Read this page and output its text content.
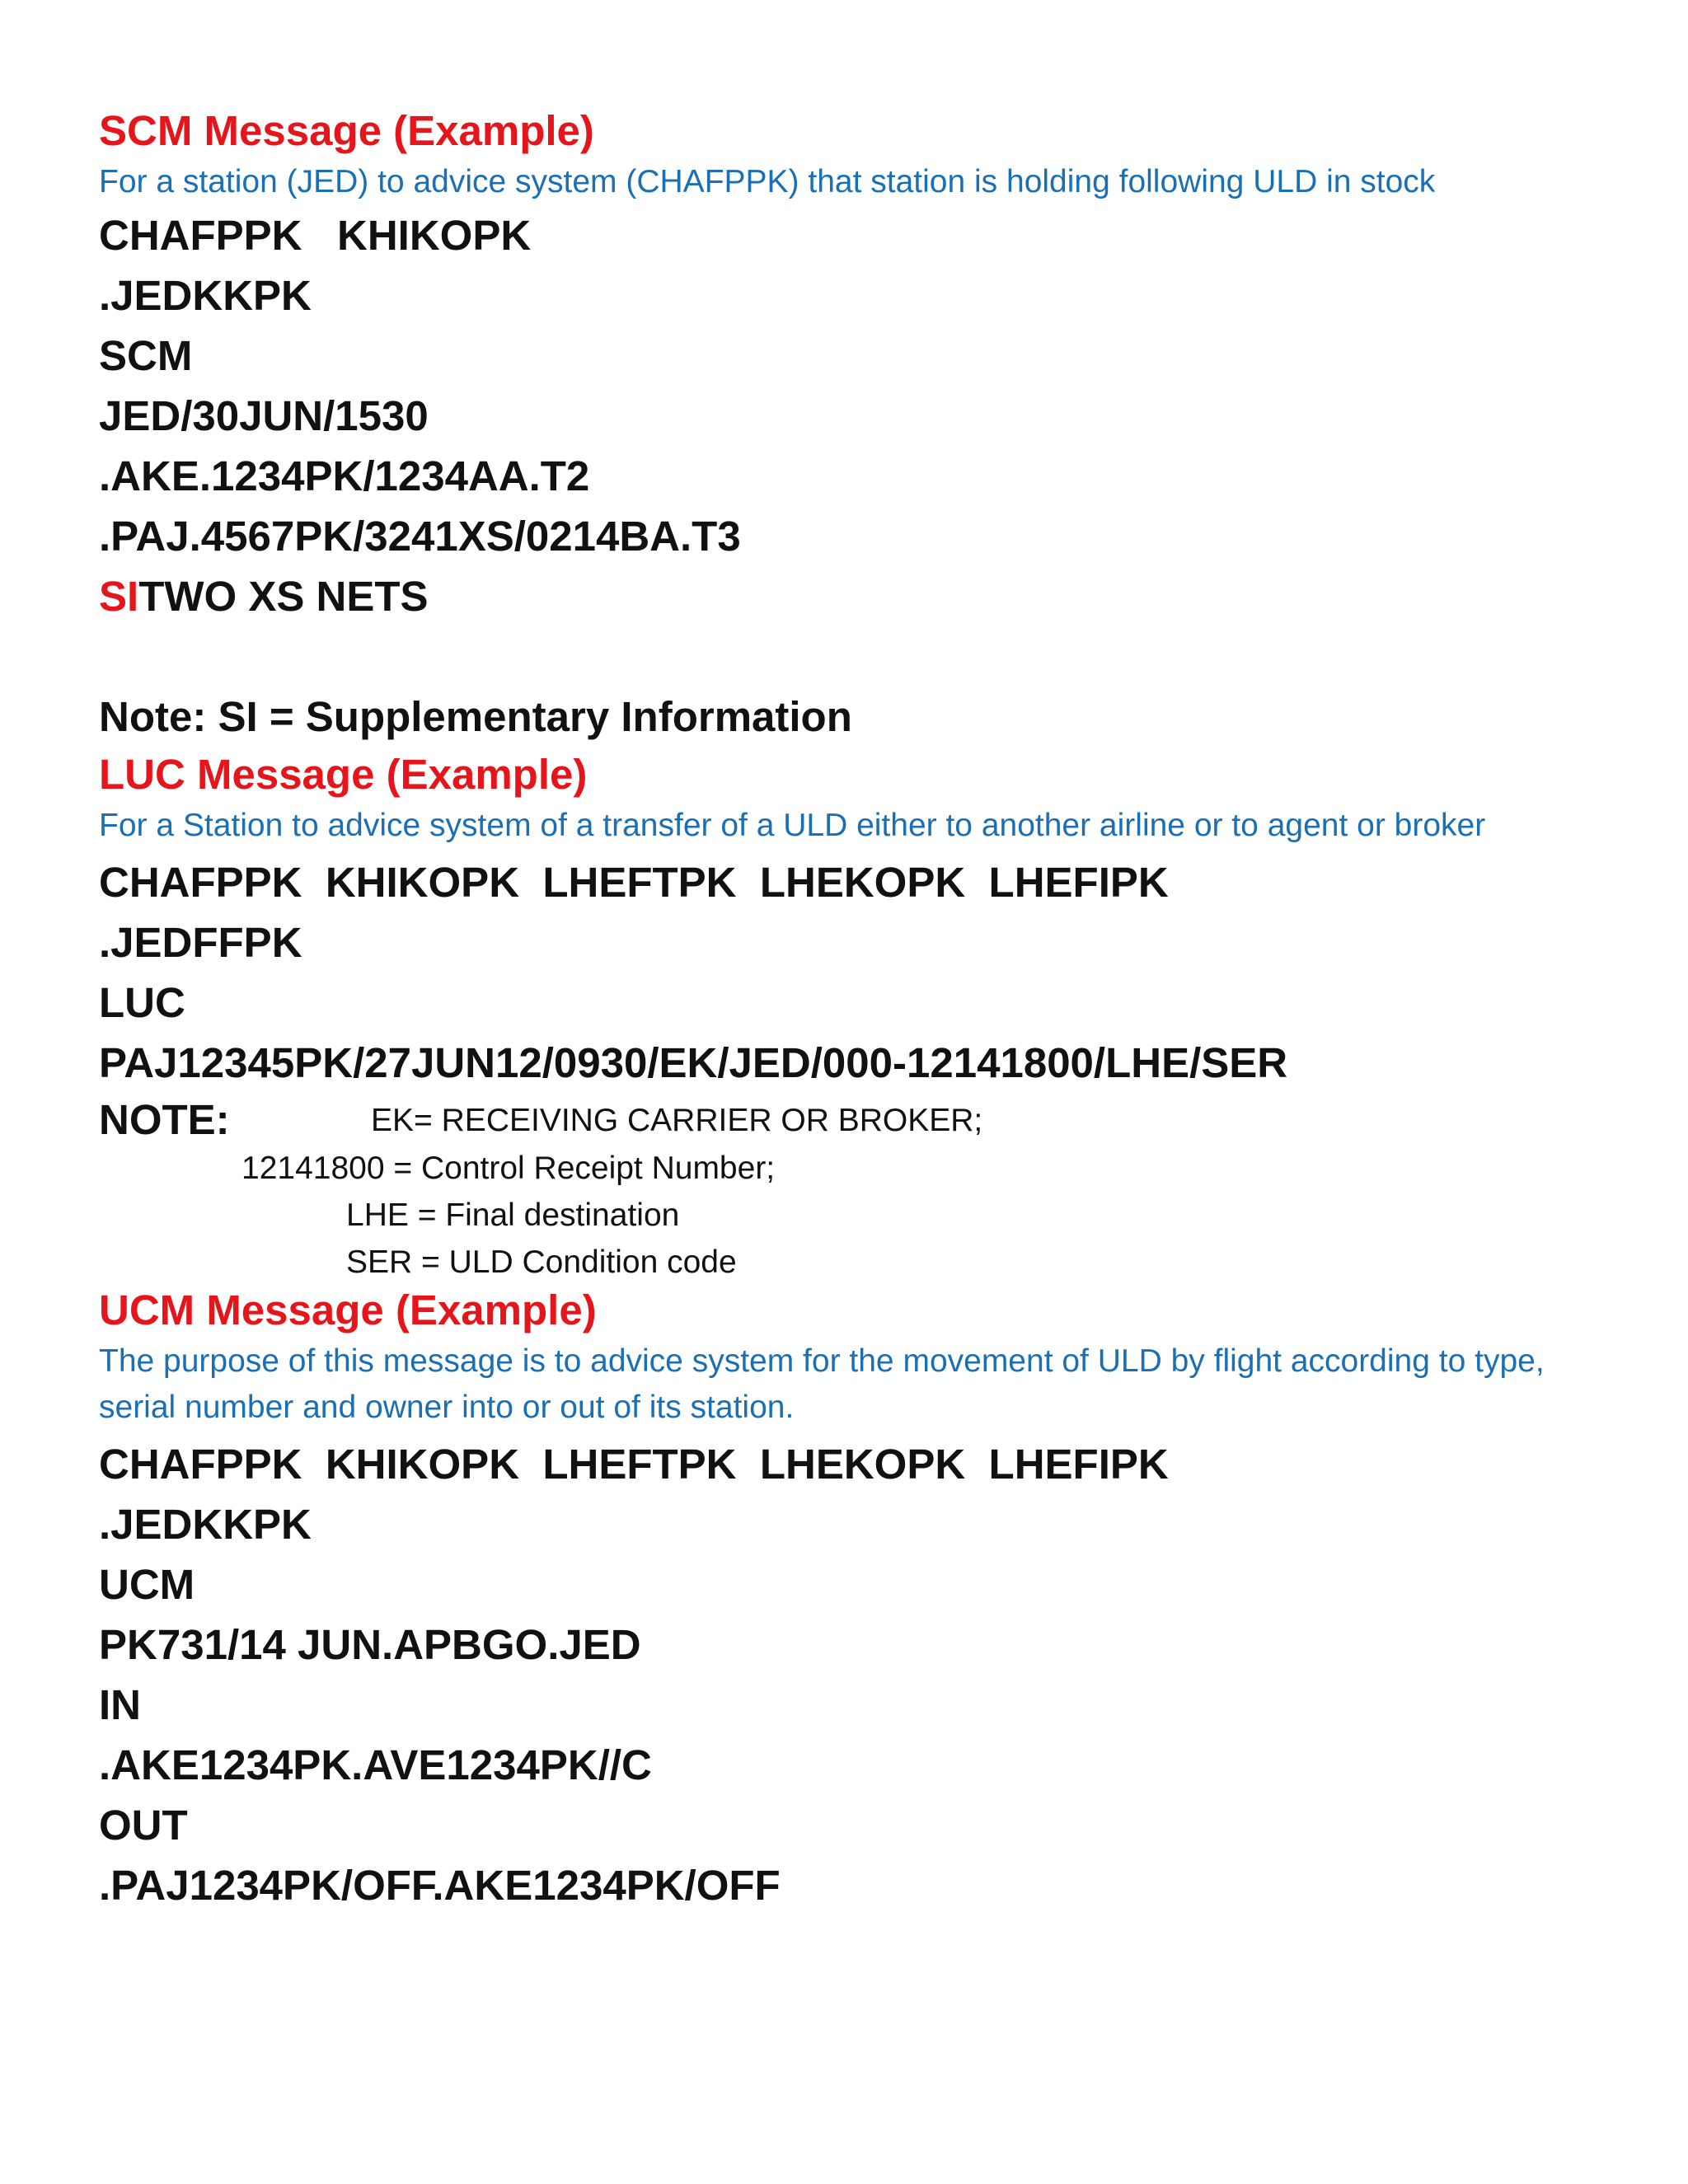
SCM Message (Example)
For a station (JED) to advice system (CHAFPPK) that station is holding following ULD in stock
CHAFPPK   KHIKOPK
.JEDKKPK
SCM
JED/30JUN/1530
.AKE.1234PK/1234AA.T2
.PAJ.4567PK/3241XS/0214BA.T3
SITWO XS NETS
Note: SI = Supplementary Information
LUC Message (Example)
For a Station to advice system of a transfer of a ULD either to another airline or to agent or broker
CHAFPPK  KHIKOPK  LHEFTPK  LHEKOPK  LHEFIPK
.JEDFFPK
LUC
PAJ12345PK/27JUN12/0930/EK/JED/000-12141800/LHE/SER
NOTE:	EK= RECEIVING CARRIER OR BROKER;
12141800 = Control Receipt Number;
LHE = Final destination
SER = ULD Condition code
UCM Message (Example)
The purpose of this message is to advice system for the movement of ULD by flight according to type, serial number and owner into or out of its station.
CHAFPPK  KHIKOPK  LHEFTPK  LHEKOPK  LHEFIPK
.JEDKKPK
UCM
PK731/14 JUN.APBGO.JED
IN
.AKE1234PK.AVE1234PK//C
OUT
.PAJ1234PK/OFF.AKE1234PK/OFF
